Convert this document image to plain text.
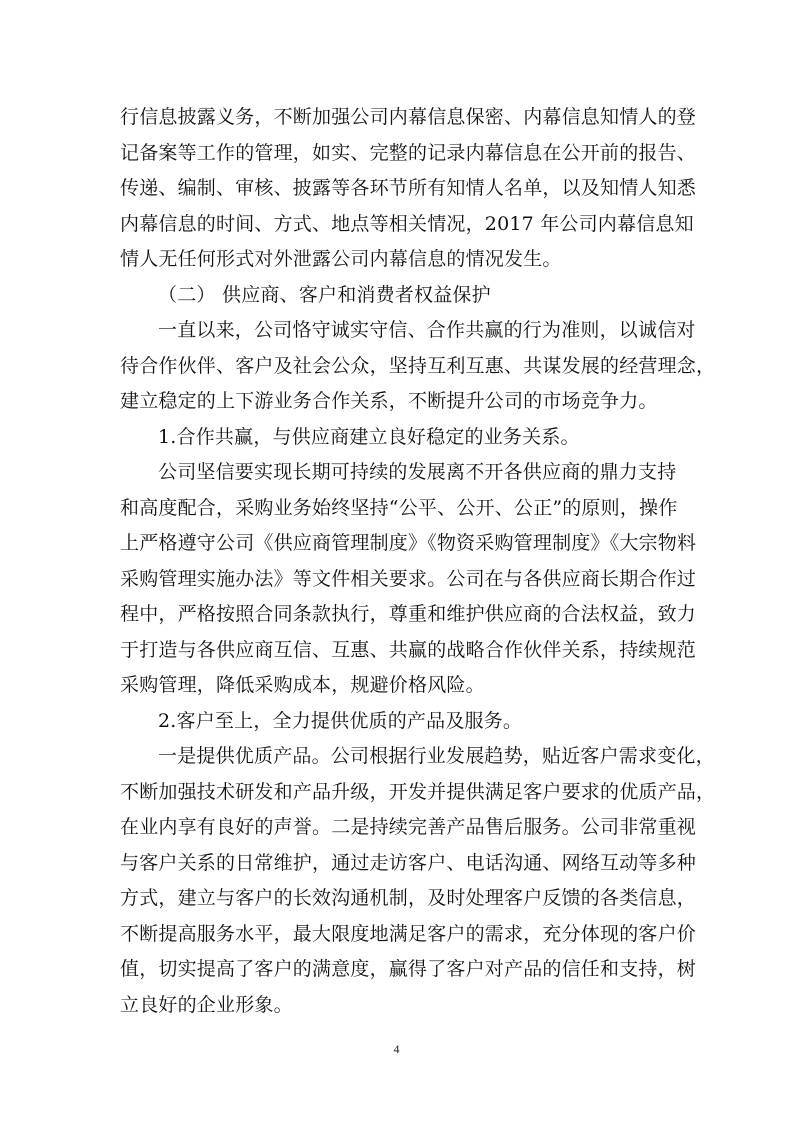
行信息披露义务，不断加强公司内幕信息保密、内幕信息知情人的登
记备案等工作的管理，如实、完整的记录内幕信息在公开前的报告、
传递、编制、审核、披露等各环节所有知情人名单，以及知情人知悉
内幕信息的时间、方式、地点等相关情况，2017 年公司内幕信息知
情人无任何形式对外泄露公司内幕信息的情况发生。
（二） 供应商、客户和消费者权益保护
一直以来，公司恪守诚实守信、合作共赢的行为准则，以诚信对
待合作伙伴、客户及社会公众，坚持互利互惠、共谋发展的经营理念，
建立稳定的上下游业务合作关系，不断提升公司的市场竞争力。
1.合作共赢，与供应商建立良好稳定的业务关系。
公司坚信要实现长期可持续的发展离不开各供应商的鼎力支持
和高度配合，采购业务始终坚持“公平、公开、公正”的原则，操作
上严格遵守公司《供应商管理制度》《物资采购管理制度》《大宗物料
采购管理实施办法》等文件相关要求。公司在与各供应商长期合作过
程中，严格按照合同条款执行，尊重和维护供应商的合法权益，致力
于打造与各供应商互信、互惠、共赢的战略合作伙伴关系，持续规范
采购管理，降低采购成本，规避价格风险。
2.客户至上，全力提供优质的产品及服务。
一是提供优质产品。公司根据行业发展趋势，贴近客户需求变化，
不断加强技术研发和产品升级，开发并提供满足客户要求的优质产品，
在业内享有良好的声誉。二是持续完善产品售后服务。公司非常重视
与客户关系的日常维护，通过走访客户、电话沟通、网络互动等多种
方式，建立与客户的长效沟通机制，及时处理客户反馈的各类信息，
不断提高服务水平，最大限度地满足客户的需求，充分体现的客户价
值，切实提高了客户的满意度，赢得了客户对产品的信任和支持，树
立良好的企业形象。
4
